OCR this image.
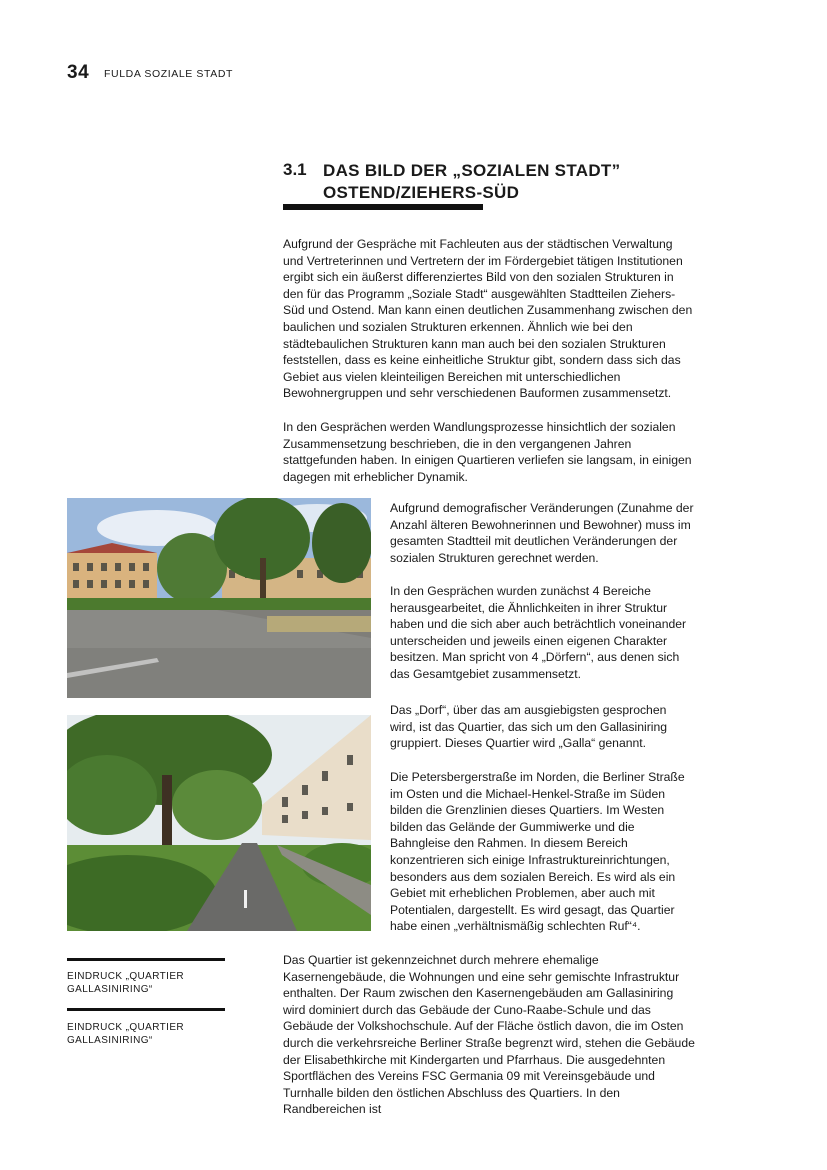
34 FULDA SOZIALE STADT
3.1 DAS BILD DER „SOZIALEN STADT”
OSTEND/ZIEHERS-SÜD

Aufgrund der Gespräche mit Fachleuten aus der städtischen Verwaltung und Vertreterinnen und Vertretern der im Fördergebiet tätigen Institutionen ergibt sich ein äußerst differenziertes Bild von den sozialen Strukturen in den für das Programm „Soziale Stadt“ ausgewählten Stadtteilen Ziehers-Süd und Ostend. Man kann einen deutlichen Zusammenhang zwischen den baulichen und sozialen Strukturen erkennen. Ähnlich wie bei den städtebaulichen Strukturen kann man auch bei den sozialen Strukturen feststellen, dass es keine einheitliche Struktur gibt, sondern dass sich das Gebiet aus vielen kleinteiligen Bereichen mit unterschiedlichen Bewohnergruppen und sehr verschiedenen Bauformen zusammensetzt.

In den Gesprächen werden Wandlungsprozesse hinsichtlich der sozialen Zusammensetzung beschrieben, die in den vergangenen Jahren stattgefunden haben. In einigen Quartieren verliefen sie langsam, in einigen dagegen mit erheblicher Dynamik.

Aufgrund demografischer Veränderungen (Zunahme der Anzahl älteren Bewohnerinnen und Bewohner) muss im gesamten Stadtteil mit deutlichen Veränderungen der sozialen Strukturen gerechnet werden.

In den Gesprächen wurden zunächst 4 Bereiche herausgearbeitet, die Ähnlichkeiten in ihrer Struktur haben und die sich aber auch beträchtlich voneinander unterscheiden und jeweils einen eigenen Charakter besitzen. Man spricht von 4 „Dörfern“, aus denen sich das Gesamtgebiet zusammensetzt.

Das „Dorf“, über das am ausgiebigsten gesprochen wird, ist das Quartier, das sich um den Gallasiniring gruppiert. Dieses Quartier wird „Galla“ genannt.

Die Petersbergerstraße im Norden, die Berliner Straße im Osten und die Michael-Henkel-Straße im Süden bilden die Grenzlinien dieses Quartiers. Im Westen bilden das Gelände der Gummiwerke und die Bahngleise den Rahmen. In diesem Bereich konzentrieren sich einige Infrastruktureinrichtungen, besonders aus dem sozialen Bereich. Es wird als ein Gebiet mit erheblichen Problemen, aber auch mit Potentialen, dargestellt. Es wird gesagt, das Quartier habe einen „verhältnismäßig schlechten Ruf“⁴.

EINDRUCK „QUARTIER GALLASINIRING“
EINDRUCK „QUARTIER GALLASINIRING“

Das Quartier ist gekennzeichnet durch mehrere ehemalige Kasernengebäude, die Wohnungen und eine sehr gemischte Infrastruktur enthalten. Der Raum zwischen den Kasernengebäuden am Gallasiniring wird dominiert durch das Gebäude der Cuno-Raabe-Schule und das Gebäude der Volkshochschule. Auf der Fläche östlich davon, die im Osten durch die verkehrsreiche Berliner Straße begrenzt wird, stehen die Gebäude der Elisabethkirche mit Kindergarten und Pfarrhaus. Die ausgedehnten Sportflächen des Vereins FSC Germania 09 mit Vereinsgebäude und Turnhalle bilden den östlichen Abschluss des Quartiers. In den Randbereichen ist
